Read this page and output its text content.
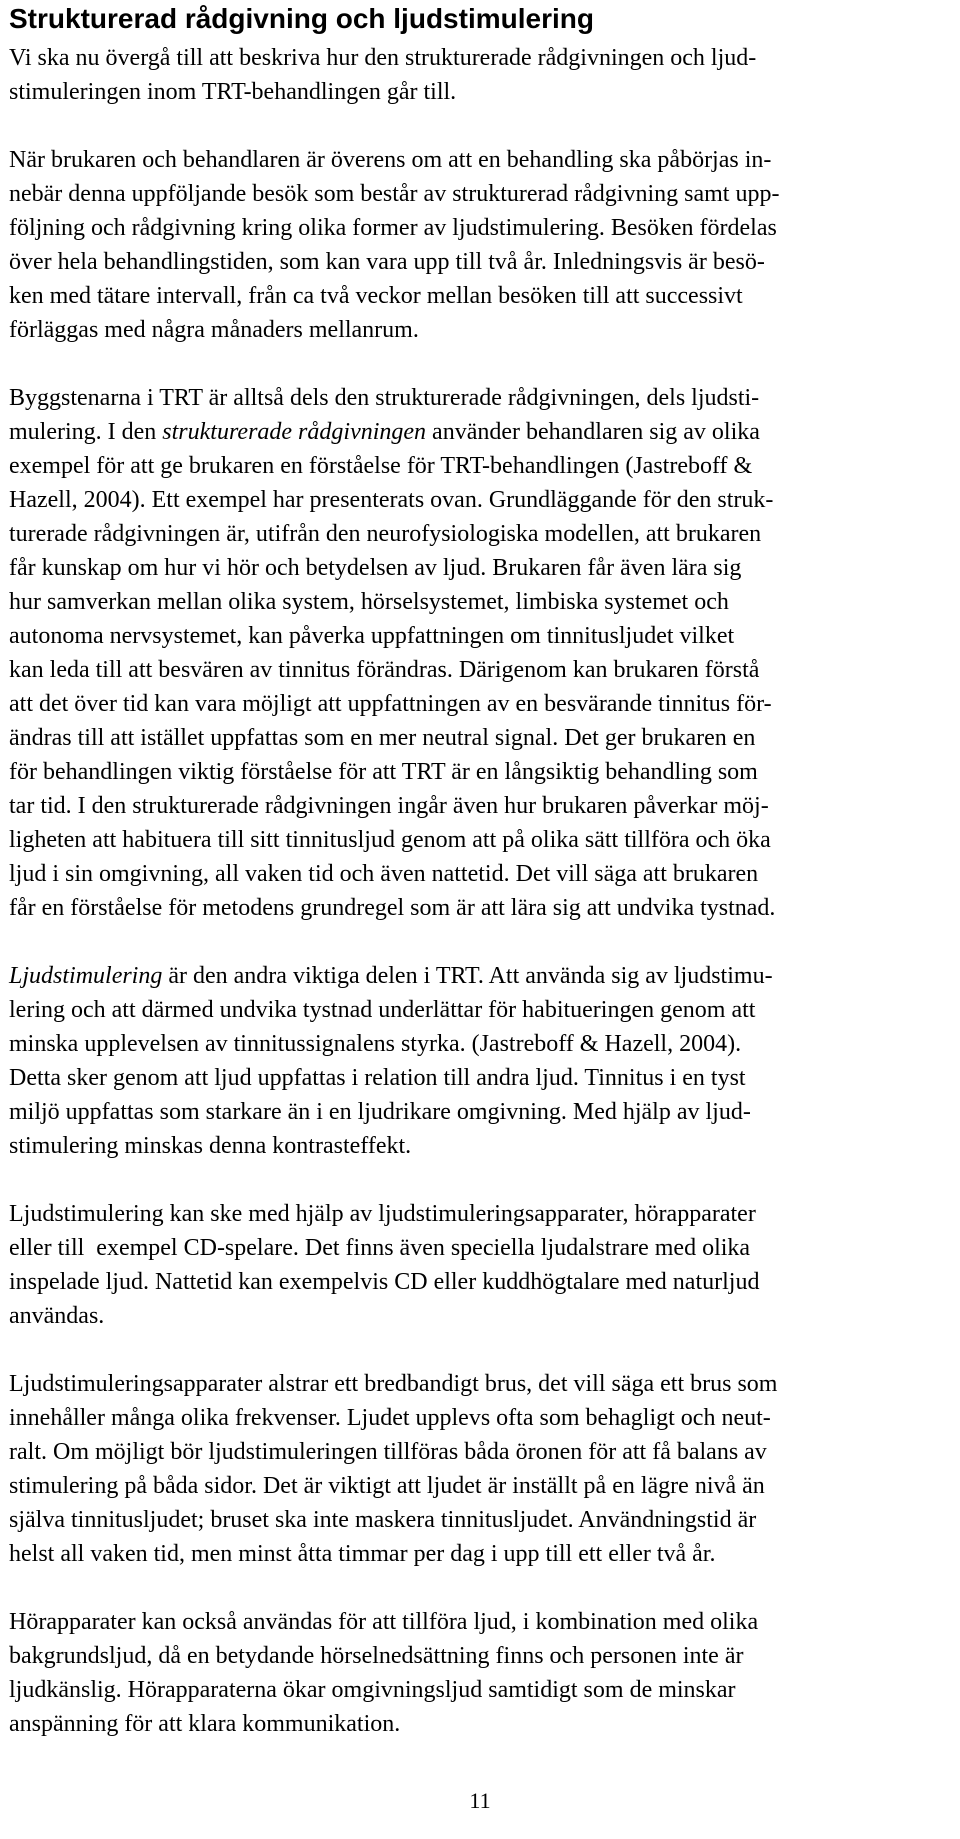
Strukturerad rådgivning och ljudstimulering
Vi ska nu övergå till att beskriva hur den strukturerade rådgivningen och ljud-
stimuleringen inom TRT-behandlingen går till.
När brukaren och behandlaren är överens om att en behandling ska påbörjas in-
nebär denna uppföljande besök som består av strukturerad rådgivning samt upp-
följning och rådgivning kring olika former av ljudstimulering. Besöken fördelas
över hela behandlingstiden, som kan vara upp till två år. Inledningsvis är besö-
ken med tätare intervall, från ca två veckor mellan besöken till att successivt
förläggas med några månaders mellanrum.
Byggstenarna i TRT är alltså dels den strukturerade rådgivningen, dels ljudsti-
mulering. I den strukturerade rådgivningen använder behandlaren sig av olika
exempel för att ge brukaren en förståelse för TRT-behandlingen (Jastreboff &
Hazell, 2004). Ett exempel har presenterats ovan. Grundläggande för den struk-
turerade rådgivningen är, utifrån den neurofysiologiska modellen, att brukaren
får kunskap om hur vi hör och betydelsen av ljud. Brukaren får även lära sig
hur samverkan mellan olika system, hörselsystemet, limbiska systemet och
autonoma nervsystemet, kan påverka uppfattningen om tinnitusljudet vilket
kan leda till att besvären av tinnitus förändras. Därigenom kan brukaren förstå
att det över tid kan vara möjligt att uppfattningen av en besvärande tinnitus för-
ändras till att istället uppfattas som en mer neutral signal. Det ger brukaren en
för behandlingen viktig förståelse för att TRT är en långsiktig behandling som
tar tid. I den strukturerade rådgivningen ingår även hur brukaren påverkar möj-
ligheten att habituera till sitt tinnitusljud genom att på olika sätt tillföra och öka
ljud i sin omgivning, all vaken tid och även nattetid. Det vill säga att brukaren
får en förståelse för metodens grundregel som är att lära sig att undvika tystnad.
Ljudstimulering är den andra viktiga delen i TRT. Att använda sig av ljudstimu-
lering och att därmed undvika tystnad underlättar för habitueringen genom att
minska upplevelsen av tinnitussignalens styrka. (Jastreboff & Hazell, 2004).
Detta sker genom att ljud uppfattas i relation till andra ljud. Tinnitus i en tyst
miljö uppfattas som starkare än i en ljudrikare omgivning. Med hjälp av ljud-
stimulering minskas denna kontrasteffekt.
Ljudstimulering kan ske med hjälp av ljudstimuleringsapparater, hörapparater
eller till  exempel CD-spelare. Det finns även speciella ljudalstrare med olika
inspelade ljud. Nattetid kan exempelvis CD eller kuddhögtalare med naturljud
användas.
Ljudstimuleringsapparater alstrar ett bredbandigt brus, det vill säga ett brus som
innehåller många olika frekvenser. Ljudet upplevs ofta som behagligt och neut-
ralt. Om möjligt bör ljudstimuleringen tillföras båda öronen för att få balans av
stimulering på båda sidor. Det är viktigt att ljudet är inställt på en lägre nivå än
själva tinnitusljudet; bruset ska inte maskera tinnitusljudet. Användningstid är
helst all vaken tid, men minst åtta timmar per dag i upp till ett eller två år.
Hörapparater kan också användas för att tillföra ljud, i kombination med olika
bakgrundsljud, då en betydande hörselnedsättning finns och personen inte är
ljudkänslig. Hörapparaterna ökar omgivningsljud samtidigt som de minskar
anspänning för att klara kommunikation.
11
